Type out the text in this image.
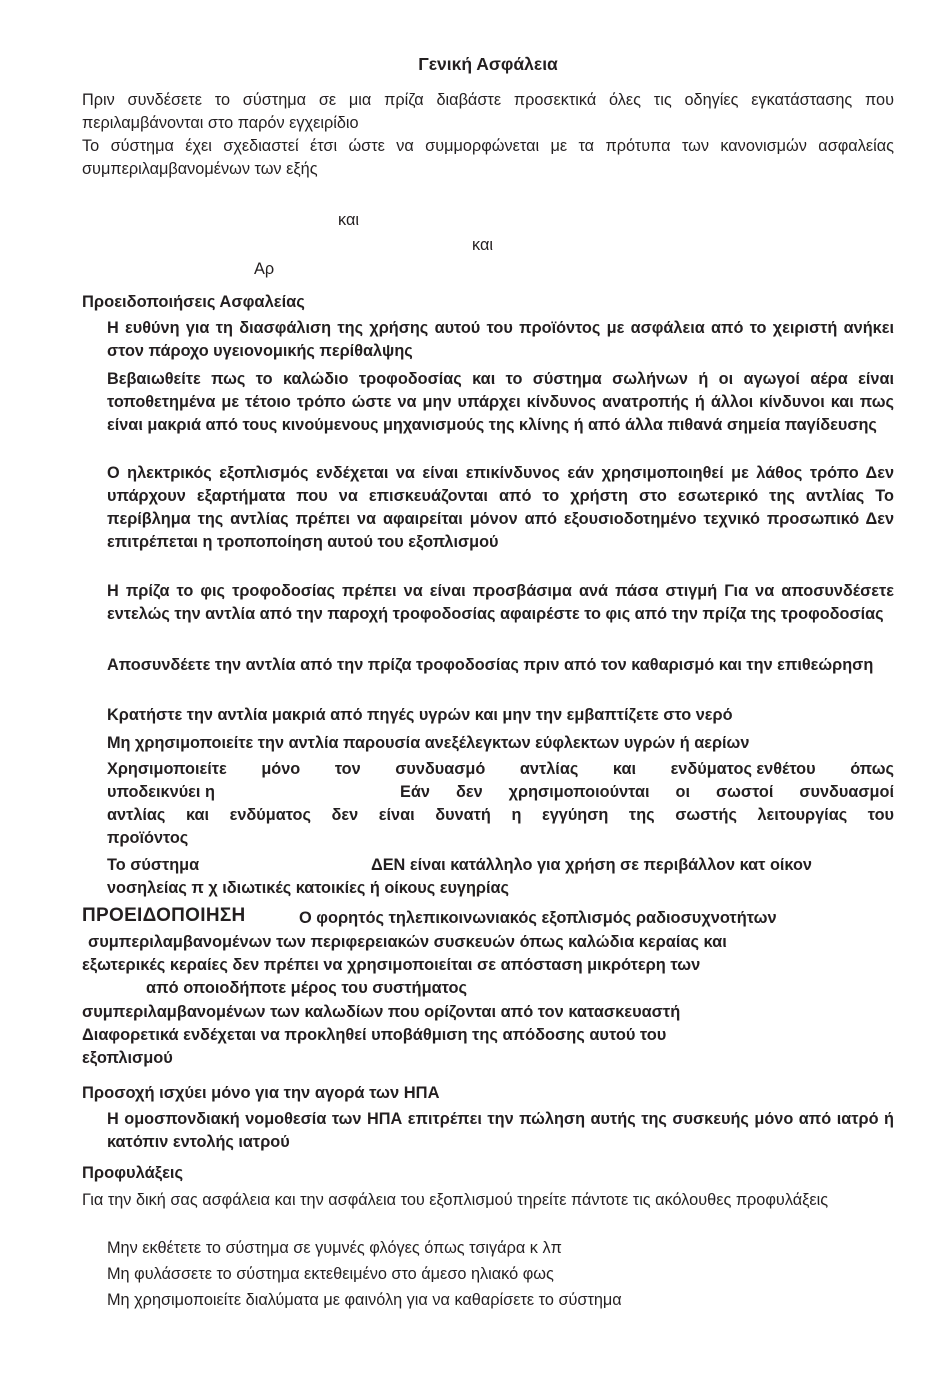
Γενική Ασφάλεια
Πριν συνδέσετε το σύστημα σε μια πρίζα διαβάστε προσεκτικά όλες τις οδηγίες εγκατάστασης που περιλαμβάνονται στο παρόν εγχειρίδιο
Το σύστημα έχει σχεδιαστεί έτσι ώστε να συμμορφώνεται με τα πρότυπα των κανονισμών ασφαλείας συμπεριλαμβανομένων των εξής
και
και
Αρ
Προειδοποιήσεις Ασφαλείας
Η ευθύνη για τη διασφάλιση της χρήσης αυτού του προϊόντος με ασφάλεια από το χειριστή ανήκει στον πάροχο υγειονομικής περίθαλψης
Βεβαιωθείτε πως το καλώδιο τροφοδοσίας και το σύστημα σωλήνων ή οι αγωγοί αέρα είναι τοποθετημένα με τέτοιο τρόπο ώστε να μην υπάρχει κίνδυνος ανατροπής ή άλλοι κίνδυνοι και πως είναι μακριά από τους κινούμενους μηχανισμούς της κλίνης ή από άλλα πιθανά σημεία παγίδευσης
Ο ηλεκτρικός εξοπλισμός ενδέχεται να είναι επικίνδυνος εάν χρησιμοποιηθεί με λάθος τρόπο Δεν υπάρχουν εξαρτήματα που να επισκευάζονται από το χρήστη στο εσωτερικό της αντλίας Το περίβλημα της αντλίας πρέπει να αφαιρείται μόνον από εξουσιοδοτημένο τεχνικό προσωπικό Δεν επιτρέπεται η τροποποίηση αυτού του εξοπλισμού
Η πρίζα το φις τροφοδοσίας πρέπει να είναι προσβάσιμα ανά πάσα στιγμή Για να αποσυνδέσετε εντελώς την αντλία από την παροχή τροφοδοσίας αφαιρέστε το φις από την πρίζα της τροφοδοσίας
Αποσυνδέετε την αντλία από την πρίζα τροφοδοσίας πριν από τον καθαρισμό και την επιθεώρηση
Κρατήστε την αντλία μακριά από πηγές υγρών και μην την εμβαπτίζετε στο νερό
Μη χρησιμοποιείτε την αντλία παρουσία ανεξέλεγκτων εύφλεκτων υγρών ή αερίων
Χρησιμοποιείτε μόνο τον συνδυασμό αντλίας και ενδύματος ενθέτου όπως
υποδεικνύει η	Εάν δεν χρησιμοποιούνται οι σωστοί συνδυασμοί
αντλίας και ενδύματος δεν είναι δυνατή η εγγύηση της σωστής λειτουργίας του
προϊόντος
Το σύστημα	ΔΕΝ είναι κατάλληλο για χρήση σε περιβάλλον κατ οίκον
νοσηλείας π χ ιδιωτικές κατοικίες ή οίκους ευγηρίας
ΠΡΟΕΙΔΟΠΟΙΗΣΗ	Ο φορητός τηλεπικοινωνιακός εξοπλισμός ραδιοσυχνοτήτων
συμπεριλαμβανομένων των περιφερειακών συσκευών όπως καλώδια κεραίας και
εξωτερικές κεραίες δεν πρέπει να χρησιμοποιείται σε απόσταση μικρότερη των
από οποιοδήποτε μέρος του συστήματος
συμπεριλαμβανομένων των καλωδίων που ορίζονται από τον κατασκευαστή
Διαφορετικά ενδέχεται να προκληθεί υποβάθμιση της απόδοσης αυτού του
εξοπλισμού
Προσοχή ισχύει μόνο για την αγορά των ΗΠΑ
Η ομοσπονδιακή νομοθεσία των ΗΠΑ επιτρέπει την πώληση αυτής της συσκευής μόνο από ιατρό ή κατόπιν εντολής ιατρού
Προφυλάξεις
Για την δική σας ασφάλεια και την ασφάλεια του εξοπλισμού τηρείτε πάντοτε τις ακόλουθες προφυλάξεις
Μην εκθέτετε το σύστημα σε γυμνές φλόγες όπως τσιγάρα κ λπ
Μη φυλάσσετε το σύστημα εκτεθειμένο στο άμεσο ηλιακό φως
Μη χρησιμοποιείτε διαλύματα με φαινόλη για να καθαρίσετε το σύστημα
